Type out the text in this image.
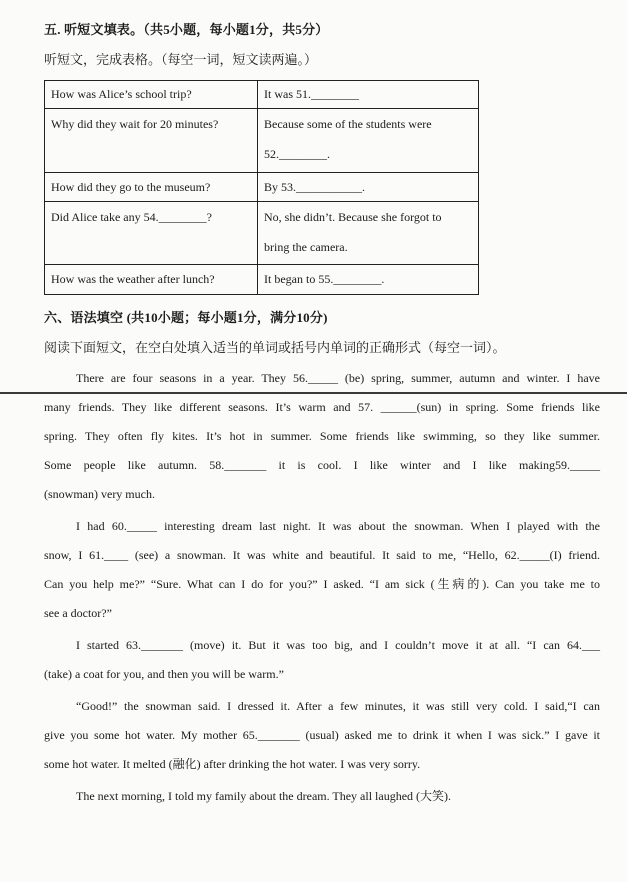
五. 听短文填表。（共5小题，每小题1分，共5分）
听短文，完成表格。（每空一词，短文读两遍。）
How was Alice’s school trip?	It was 51.________

Why did they wait for 20 minutes?	Because some of the students were
52.________.

How did they go to the museum?	By 53.___________.

Did Alice take any 54.________?	No, she didn’t. Because she forgot to
bring the camera.

How was the weather after lunch?	It began to 55.________.
六、语法填空 (共10小题；每小题1分，满分10分)
阅读下面短文，在空白处填入适当的单词或括号内单词的正确形式（每空一词）。
There are four seasons in a year. They 56._____ (be) spring, summer, autumn and winter. I have
many friends. They like different seasons. It’s warm and 57. ______(sun) in spring. Some friends like
spring. They often fly kites. It’s hot in summer. Some friends like swimming, so they like summer.
Some people like autumn. 58._______ it is cool. I like winter and I like making59._____
(snowman) very much.
I had 60._____ interesting dream last night. It was about the snowman. When I played with the
snow, I 61.____ (see) a snowman. It was white and beautiful. It said to me, “Hello, 62._____(I) friend.
Can you help me?” “Sure. What can I do for you?” I asked. “I am sick (生病的). Can you take me to
see a doctor?”
I started 63._______ (move) it. But it was too big, and I couldn’t move it at all. “I can 64.___
(take) a coat for you, and then you will be warm.”
“Good!” the snowman said. I dressed it. After a few minutes, it was still very cold. I said,“I can
give you some hot water. My mother 65._______ (usual) asked me to drink it when I was sick.” I gave it
some hot water. It melted (融化) after drinking the hot water. I was very sorry.
The next morning, I told my family about the dream. They all laughed (大笑).
